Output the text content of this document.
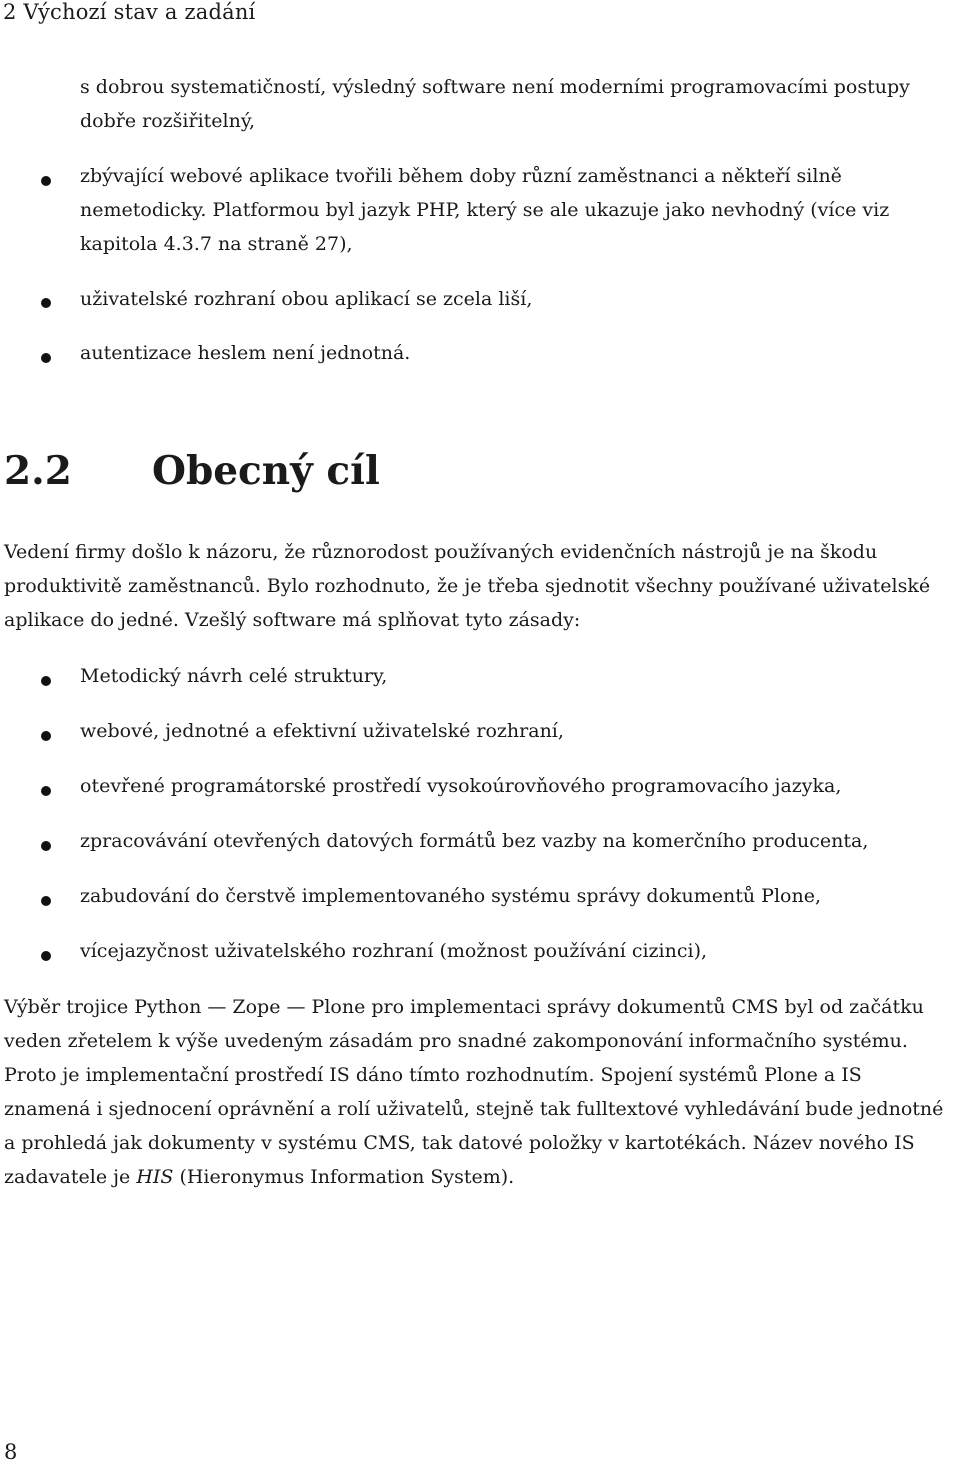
2 Výchozí stav a zadání
s dobrou systematičností, výsledný software není moderními programovacími postupy dobře rozšiřitelný,
zbývající webové aplikace tvořili během doby různí zaměstnanci a někteří silně nemetodicky. Platformou byl jazyk PHP, který se ale ukazuje jako nevhodný (více viz kapitola 4.3.7 na straně 27),
uživatelské rozhraní obou aplikací se zcela liší,
autentizace heslem není jednotná.
2.2 Obecný cíl
Vedení firmy došlo k názoru, že různorodost používaných evidenčních nástrojů je na škodu produktivitě zaměstnanců. Bylo rozhodnuto, že je třeba sjednotit všechny používané uživatelské aplikace do jedné. Vzešlý software má splňovat tyto zásady:
Metodický návrh celé struktury,
webové, jednotné a efektivní uživatelské rozhraní,
otevřené programátorské prostředí vysokoúrovňového programovacího jazyka,
zpracovávání otevřených datových formátů bez vazby na komerčního producenta,
zabudování do čerstvě implementovaného systému správy dokumentů Plone,
vícejazyčnost uživatelského rozhraní (možnost používání cizinci),
Výběr trojice Python — Zope — Plone pro implementaci správy dokumentů CMS byl od začátku veden zřetelem k výše uvedeným zásadám pro snadné zakomponování informačního systému. Proto je implementační prostředí IS dáno tímto rozhodnutím. Spojení systémů Plone a IS znamená i sjednocení oprávnění a rolí uživatelů, stejně tak fulltextové vyhledávání bude jednotné a prohledá jak dokumenty v systému CMS, tak datové položky v kartotékách. Název nového IS zadavatele je HIS (Hieronymus Information System).
8
